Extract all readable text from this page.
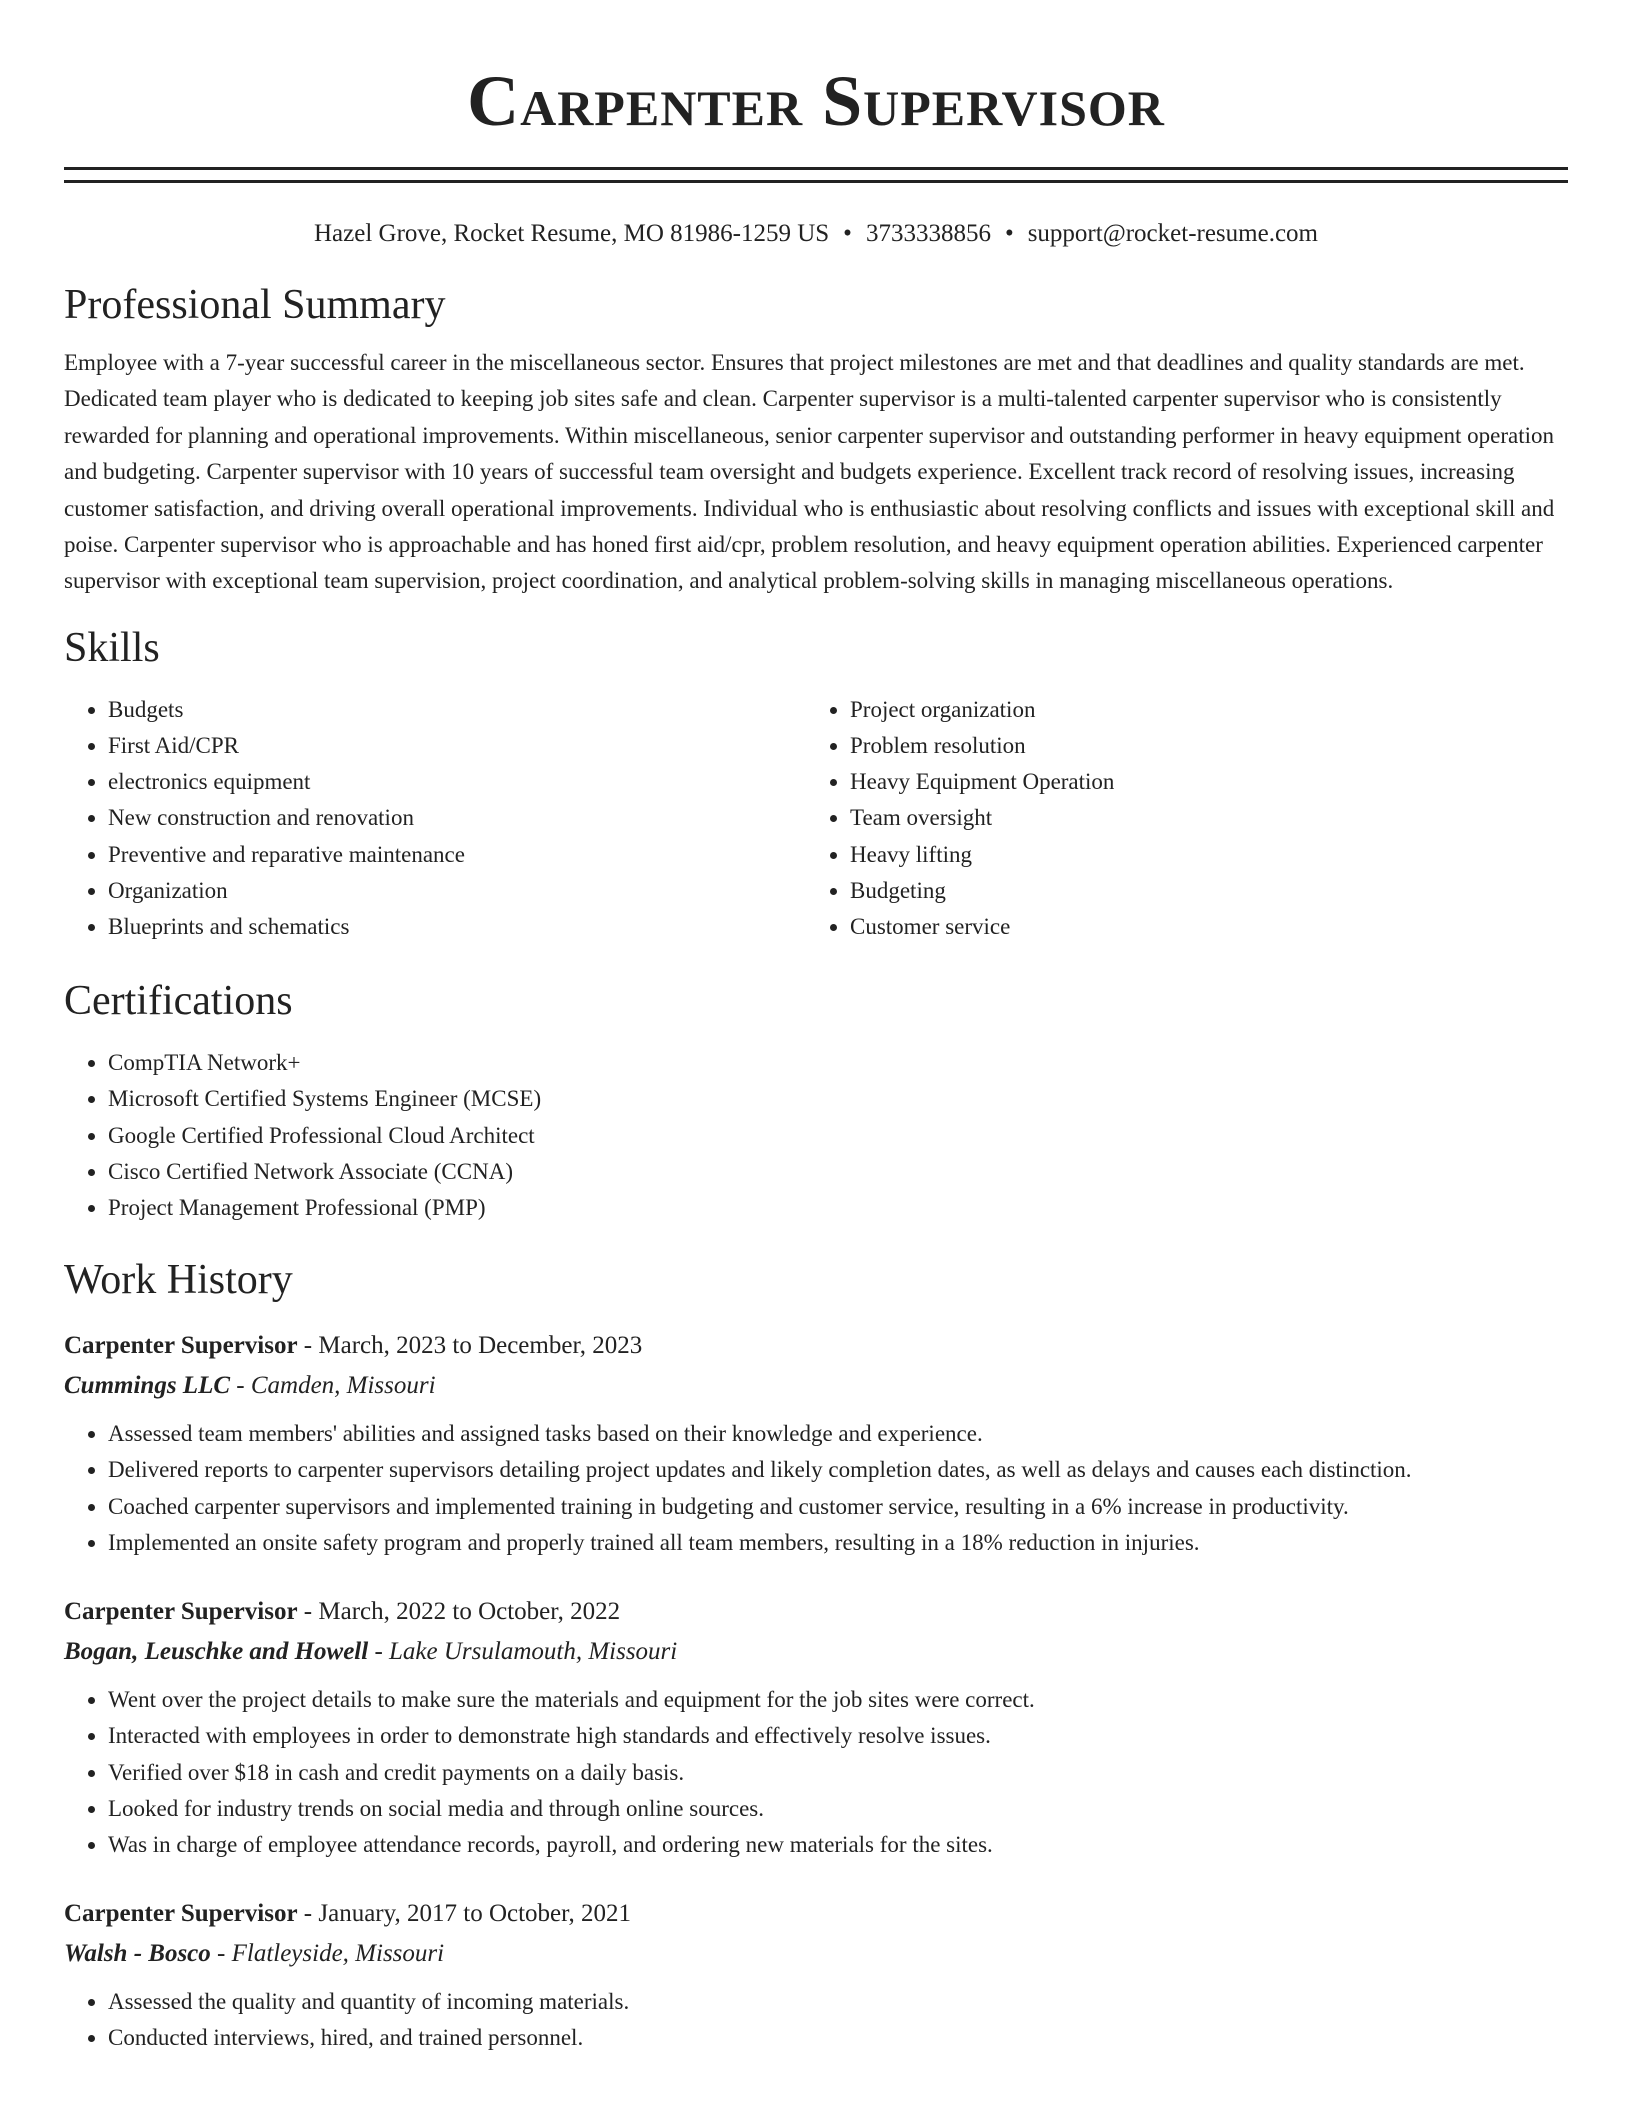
Carpenter Supervisor
Hazel Grove, Rocket Resume, MO 81986-1259 US • 3733338856 • support@rocket-resume.com
Professional Summary

Employee with a 7-year successful career in the miscellaneous sector. Ensures that project milestones are met and that deadlines and quality standards are met. Dedicated team player who is dedicated to keeping job sites safe and clean. Carpenter supervisor is a multi-talented carpenter supervisor who is consistently rewarded for planning and operational improvements. Within miscellaneous, senior carpenter supervisor and outstanding performer in heavy equipment operation and budgeting. Carpenter supervisor with 10 years of successful team oversight and budgets experience. Excellent track record of resolving issues, increasing customer satisfaction, and driving overall operational improvements. Individual who is enthusiastic about resolving conflicts and issues with exceptional skill and poise. Carpenter supervisor who is approachable and has honed first aid/cpr, problem resolution, and heavy equipment operation abilities. Experienced carpenter supervisor with exceptional team supervision, project coordination, and analytical problem-solving skills in managing miscellaneous operations.

Skills
• Budgets
• First Aid/CPR
• electronics equipment
• New construction and renovation
• Preventive and reparative maintenance
• Organization
• Blueprints and schematics
• Project organization
• Problem resolution
• Heavy Equipment Operation
• Team oversight
• Heavy lifting
• Budgeting
• Customer service
Certifications
• CompTIA Network+
• Microsoft Certified Systems Engineer (MCSE)
• Google Certified Professional Cloud Architect
• Cisco Certified Network Associate (CCNA)
• Project Management Professional (PMP)
Work History
Carpenter Supervisor - March, 2023 to December, 2023
Cummings LLC - Camden, Missouri
• Assessed team members' abilities and assigned tasks based on their knowledge and experience.
• Delivered reports to carpenter supervisors detailing project updates and likely completion dates, as well as delays and causes each distinction.
• Coached carpenter supervisors and implemented training in budgeting and customer service, resulting in a 6% increase in productivity.
• Implemented an onsite safety program and properly trained all team members, resulting in a 18% reduction in injuries.
Carpenter Supervisor - March, 2022 to October, 2022
Bogan, Leuschke and Howell - Lake Ursulamouth, Missouri
• Went over the project details to make sure the materials and equipment for the job sites were correct.
• Interacted with employees in order to demonstrate high standards and effectively resolve issues.
• Verified over $18 in cash and credit payments on a daily basis.
• Looked for industry trends on social media and through online sources.
• Was in charge of employee attendance records, payroll, and ordering new materials for the sites.
Carpenter Supervisor - January, 2017 to October, 2021
Walsh - Bosco - Flatleyside, Missouri
• Assessed the quality and quantity of incoming materials.
• Conducted interviews, hired, and trained personnel.
